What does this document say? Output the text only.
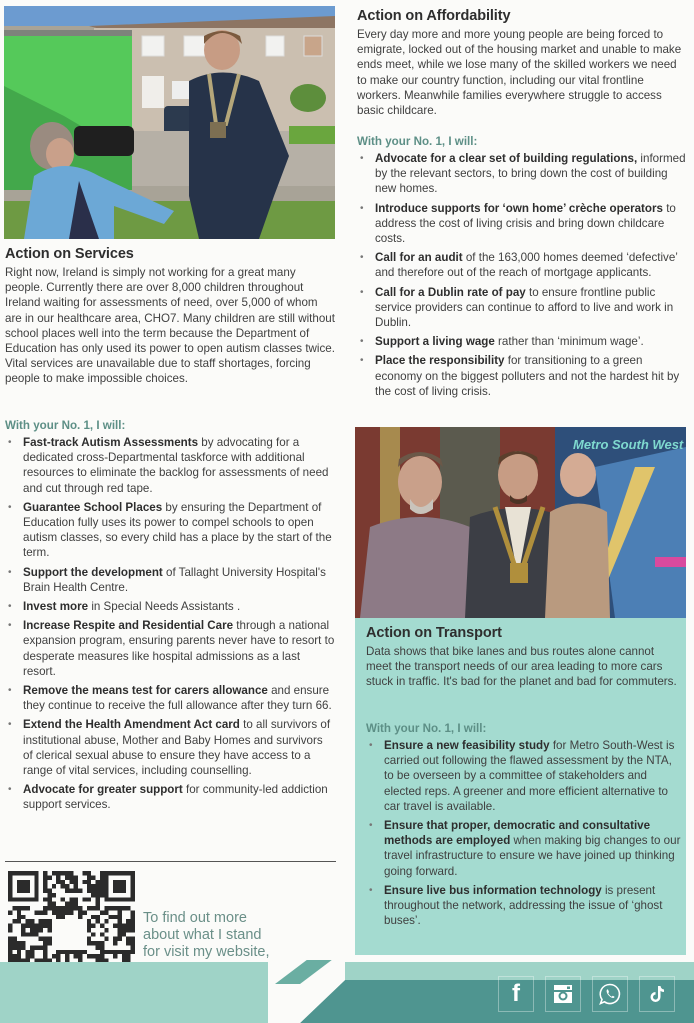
Action on Services

Right now, Ireland is simply not working for a great many people. Currently there are over 8,000 children throughout Ireland waiting for assessments of need, over 5,000 of whom are in our healthcare area, CHO7. Many children are still without school places well into the term because the Department of Education has only used its power to open autism classes twice. Vital services are unavailable due to staff shortages, forcing people to make impossible choices.

With your No. 1, I will:

• Fast-track Autism Assessments by advocating for a dedicated cross-Departmental taskforce with additional resources to eliminate the backlog for assessments of need and cut through red tape.
• Guarantee School Places by ensuring the Department of Education fully uses its power to compel schools to open autism classes, so every child has a place by the start of the term.
• Support the development of Tallaght University Hospital's Brain Health Centre.
• Invest more in Special Needs Assistants .
• Increase Respite and Residential Care through a national expansion program, ensuring parents never have to resort to desperate measures like hospital admissions as a last resort.
• Remove the means test for carers allowance and ensure they continue to receive the full allowance after they turn 66.
• Extend the Health Amendment Act card to all survivors of institutional abuse, Mother and Baby Homes and survivors of clerical sexual abuse to ensure they have access to a range of vital services, including counselling.
• Advocate for greater support for community-led addiction support services.
Action on Affordability

Every day more and more young people are being forced to emigrate, locked out of the housing market and unable to make ends meet, while we lose many of the skilled workers we need to make our country function, including our vital frontline workers. Meanwhile families everywhere struggle to access basic childcare.

With your No. 1, I will:

• Advocate for a clear set of building regulations, informed by the relevant sectors, to bring down the cost of building new homes.
• Introduce supports for ‘own home’ crèche operators to address the cost of living crisis and bring down childcare costs.
• Call for an audit of the 163,000 homes deemed ‘defective’ and therefore out of the reach of mortgage applicants.
• Call for a Dublin rate of pay to ensure frontline public service providers can continue to afford to live and work in Dublin.
• Support a living wage rather than ‘minimum wage’.
• Place the responsibility for transitioning to a green economy on the biggest polluters and not the hardest hit by the cost of living crisis.
Metro South West
Action on Transport

Data shows that bike lanes and bus routes alone cannot meet the transport needs of our area leading to more cars stuck in traffic. It's bad for the planet and bad for commuters.

With your No. 1, I will:

• Ensure a new feasibility study for Metro South-West is carried out following the flawed assessment by the NTA, to be overseen by a committee of stakeholders and elected reps. A greener and more efficient alternative to car travel is available.
• Ensure that proper, democratic and consultative methods are employed when making big changes to our travel infrastructure to ensure we have joined up thinking going forward.
• Ensure live bus information technology is present throughout the network, addressing the issue of ‘ghost buses’.
To find out more
about what I stand
for visit my website,
f
